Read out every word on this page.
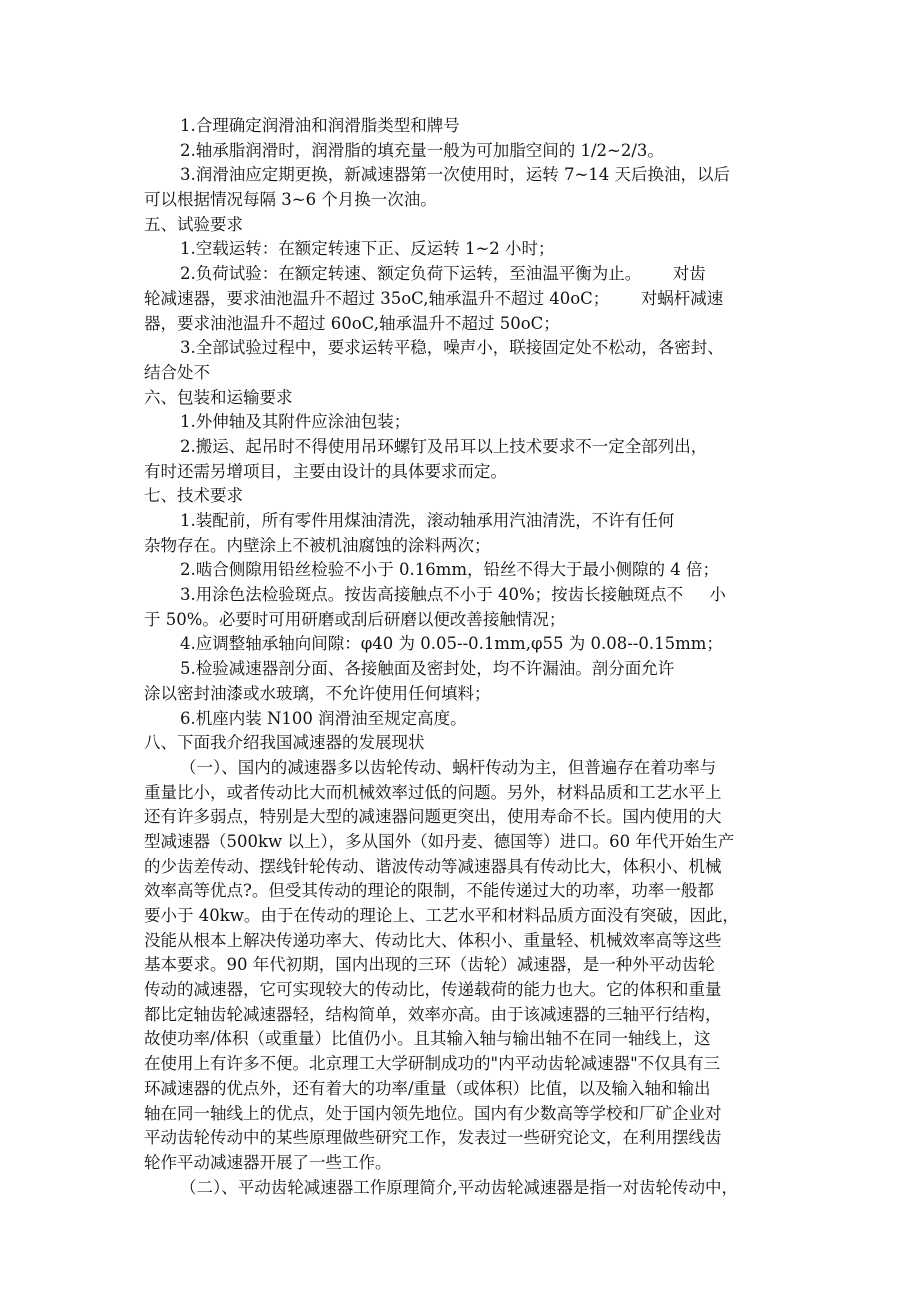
1.合理确定润滑油和润滑脂类型和牌号

2.轴承脂润滑时，润滑脂的填充量一般为可加脂空间的 1/2~2/3。

3.润滑油应定期更换，新减速器第一次使用时，运转 7~14 天后换油，以后

可以根据情况每隔 3~6 个月换一次油。

五、试验要求

1.空载运转：在额定转速下正、反运转 1~2 小时；

2.负荷试验：在额定转速、额定负荷下运转，至油温平衡为止。      对齿

轮减速器，要求油池温升不超过 35oC,轴承温升不超过 40oC；      对蜗杆减速

器，要求油池温升不超过 60oC,轴承温升不超过 50oC；

3.全部试验过程中，要求运转平稳，噪声小，联接固定处不松动，各密封、

结合处不

六、包装和运输要求

1.外伸轴及其附件应涂油包装；

2.搬运、起吊时不得使用吊环螺钉及吊耳以上技术要求不一定全部列出，

有时还需另增项目，主要由设计的具体要求而定。

七、技术要求

1.装配前，所有零件用煤油清洗，滚动轴承用汽油清洗，不许有任何

杂物存在。内壁涂上不被机油腐蚀的涂料两次；

2.啮合侧隙用铅丝检验不小于 0.16mm，铅丝不得大于最小侧隙的 4 倍；

3.用涂色法检验斑点。按齿高接触点不小于 40%；按齿长接触斑点不     小

于 50%。必要时可用研磨或刮后研磨以便改善接触情况；

4.应调整轴承轴向间隙：φ40 为 0.05--0.1mm,φ55 为 0.08--0.15mm；

5.检验减速器剖分面、各接触面及密封处，均不许漏油。剖分面允许

涂以密封油漆或水玻璃，不允许使用任何填料；

6.机座内装 N100 润滑油至规定高度。

八、下面我介绍我国减速器的发展现状

（一）、国内的减速器多以齿轮传动、蜗杆传动为主，但普遍存在着功率与

重量比小，或者传动比大而机械效率过低的问题。另外，材料品质和工艺水平上

还有许多弱点，特别是大型的减速器问题更突出，使用寿命不长。国内使用的大

型减速器（500kw 以上），多从国外（如丹麦、德国等）进口。60 年代开始生产

的少齿差传动、摆线针轮传动、谐波传动等减速器具有传动比大，体积小、机械

效率高等优点?。但受其传动的理论的限制，不能传递过大的功率，功率一般都

要小于 40kw。由于在传动的理论上、工艺水平和材料品质方面没有突破，因此，

没能从根本上解决传递功率大、传动比大、体积小、重量轻、机械效率高等这些

基本要求。90 年代初期，国内出现的三环（齿轮）减速器，是一种外平动齿轮

传动的减速器，它可实现较大的传动比，传递载荷的能力也大。它的体积和重量

都比定轴齿轮减速器轻，结构简单，效率亦高。由于该减速器的三轴平行结构，

故使功率/体积（或重量）比值仍小。且其输入轴与输出轴不在同一轴线上，这

在使用上有许多不便。北京理工大学研制成功的"内平动齿轮减速器"不仅具有三

环减速器的优点外，还有着大的功率/重量（或体积）比值，以及输入轴和输出

轴在同一轴线上的优点，处于国内领先地位。国内有少数高等学校和厂矿企业对

平动齿轮传动中的某些原理做些研究工作，发表过一些研究论文，在利用摆线齿

轮作平动减速器开展了一些工作。

（二）、平动齿轮减速器工作原理简介,平动齿轮减速器是指一对齿轮传动中，
